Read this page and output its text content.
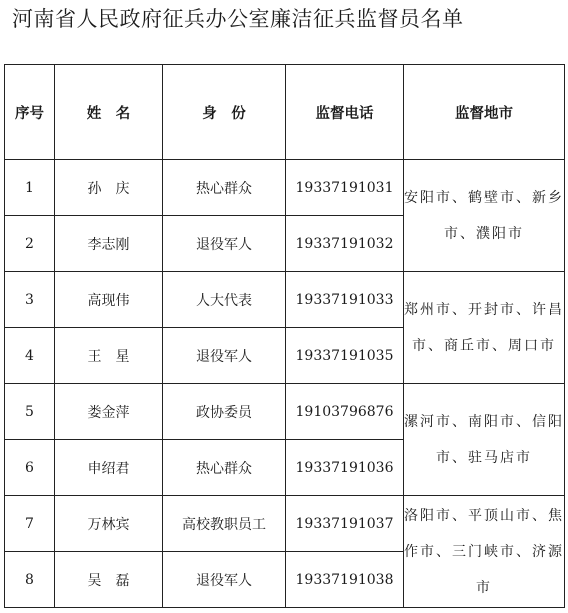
河南省人民政府征兵办公室廉洁征兵监督员名单
序号	姓　名	身　份	监督电话	监督地市
1	孙　庆	热心群众	19337191031	安阳市、鹤壁市、新乡市、濮阳市
2	李志刚	退役军人	19337191032	
3	高现伟	人大代表	19337191033	郑州市、开封市、许昌市、商丘市、周口市
4	王　星	退役军人	19337191035	
5	娄金萍	政协委员	19103796876	漯河市、南阳市、信阳市、驻马店市
6	申绍君	热心群众	19337191036	
7	万林宾	高校教职员工	19337191037	洛阳市、平顶山市、焦作市、三门峡市、济源市
8	吴　磊	退役军人	19337191038	
